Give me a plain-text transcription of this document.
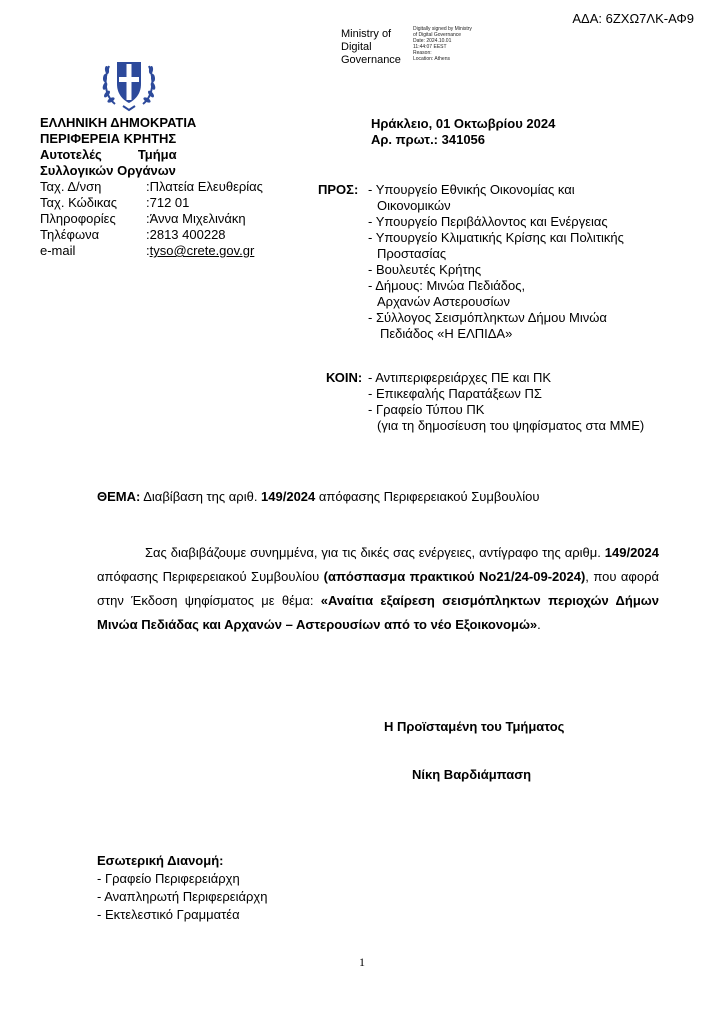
ΑΔΑ: 6ΖΧΩ7ΛΚ-ΑΦ9
Ministry of
Digital
Governance
Digitally signed by Ministry
of Digital Governance
Date: 2024.10.01
11:44:07 EEST
Reason:
Location: Athens
ΕΛΛΗΝΙΚΗ ΔΗΜΟΚΡΑΤΙΑ
ΠΕΡΙΦΕΡΕΙΑ ΚΡΗΤΗΣ
Αυτοτελές	Τμήμα
Συλλογικών Οργάνων
Ταχ. Δ/νση	:Πλατεία Ελευθερίας
Ταχ. Κώδικας	:712 01
Πληροφορίες	:Άννα Μιχελινάκη
Τηλέφωνα	:2813 400228
e-mail	:tyso@crete.gov.gr
Ηράκλειο, 01 Οκτωβρίου 2024
Αρ. πρωτ.: 341056
ΠΡΟΣ: - Υπουργείο Εθνικής Οικονομίας και
Οικονομικών
- Υπουργείο Περιβάλλοντος και Ενέργειας
- Υπουργείο Κλιματικής Κρίσης και Πολιτικής
Προστασίας
- Βουλευτές Κρήτης
- Δήμους: Μινώα Πεδιάδος,
Αρχανών Αστερουσίων
- Σύλλογος Σεισμόπληκτων Δήμου Μινώα
Πεδιάδος «Η ΕΛΠΙΔΑ»
ΚΟΙΝ: - Αντιπεριφερειάρχες ΠΕ και ΠΚ
- Επικεφαλής Παρατάξεων ΠΣ
- Γραφείο Τύπου ΠΚ
(για τη δημοσίευση του ψηφίσματος στα ΜΜΕ)
ΘΕΜΑ: Διαβίβαση της αριθ. 149/2024 απόφασης Περιφερειακού Συμβουλίου

Σας διαβιβάζουμε συνημμένα, για τις δικές σας ενέργειες, αντίγραφο της αριθμ. 149/2024 απόφασης Περιφερειακού Συμβουλίου (απόσπασμα πρακτικού Νο21/24-09-2024), που αφορά στην Έκδοση ψηφίσματος με θέμα: «Αναίτια εξαίρεση σεισμόπληκτων περιοχών Δήμων Μινώα Πεδιάδας και Αρχανών – Αστερουσίων από το νέο Εξοικονομώ».

Η Προϊσταμένη του Τμήματος
Νίκη Βαρδιάμπαση
Εσωτερική Διανομή:
- Γραφείο Περιφερειάρχη
- Αναπληρωτή Περιφερειάρχη
- Εκτελεστικό Γραμματέα
1
